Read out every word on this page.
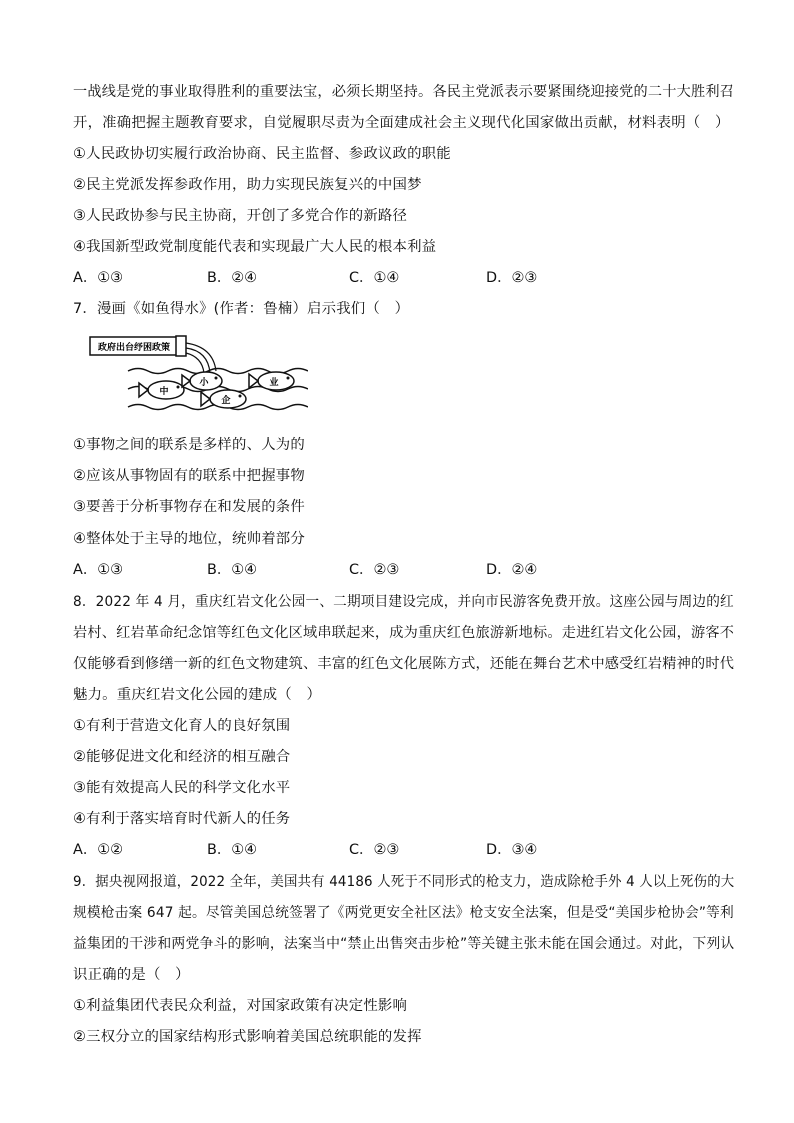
一战线是党的事业取得胜利的重要法宝，必须长期坚持。各民主党派表示要紧围绕迎接党的二十大胜利召
开，准确把握主题教育要求，自觉履职尽责为全面建成社会主义现代化国家做出贡献，材料表明（　）
①人民政协切实履行政治协商、民主监督、参政议政的职能
②民主党派发挥参政作用，助力实现民族复兴的中国梦
③人民政协参与民主协商，开创了多党合作的新路径
④我国新型政党制度能代表和实现最广大人民的根本利益
A．①③	B．②④	C．①④	D．②③
7．漫画《如鱼得水》(作者：鲁楠）启示我们（　）
政府出台纾困政策
中
小
企
业
①事物之间的联系是多样的、人为的
②应该从事物固有的联系中把握事物
③要善于分析事物存在和发展的条件
④整体处于主导的地位，统帅着部分
A．①③	B．①④	C．②③	D．②④
8．2022 年 4 月，重庆红岩文化公园一、二期项目建设完成，并向市民游客免费开放。这座公园与周边的红
岩村、红岩革命纪念馆等红色文化区域串联起来，成为重庆红色旅游新地标。走进红岩文化公园，游客不
仅能够看到修缮一新的红色文物建筑、丰富的红色文化展陈方式，还能在舞台艺术中感受红岩精神的时代
魅力。重庆红岩文化公园的建成（　）
①有利于营造文化育人的良好氛围
②能够促进文化和经济的相互融合
③能有效提高人民的科学文化水平
④有利于落实培育时代新人的任务
A．①②	B．①④	C．②③	D．③④
9．据央视网报道，2022 全年，美国共有 44186 人死于不同形式的枪支力，造成除枪手外 4 人以上死伤的大
规模枪击案 647 起。尽管美国总统签署了《两党更安全社区法》枪支安全法案，但是受“美国步枪协会”等利
益集团的干涉和两党争斗的影响，法案当中“禁止出售突击步枪”等关键主张未能在国会通过。对此，下列认
识正确的是（　）
①利益集团代表民众利益，对国家政策有决定性影响
②三权分立的国家结构形式影响着美国总统职能的发挥
